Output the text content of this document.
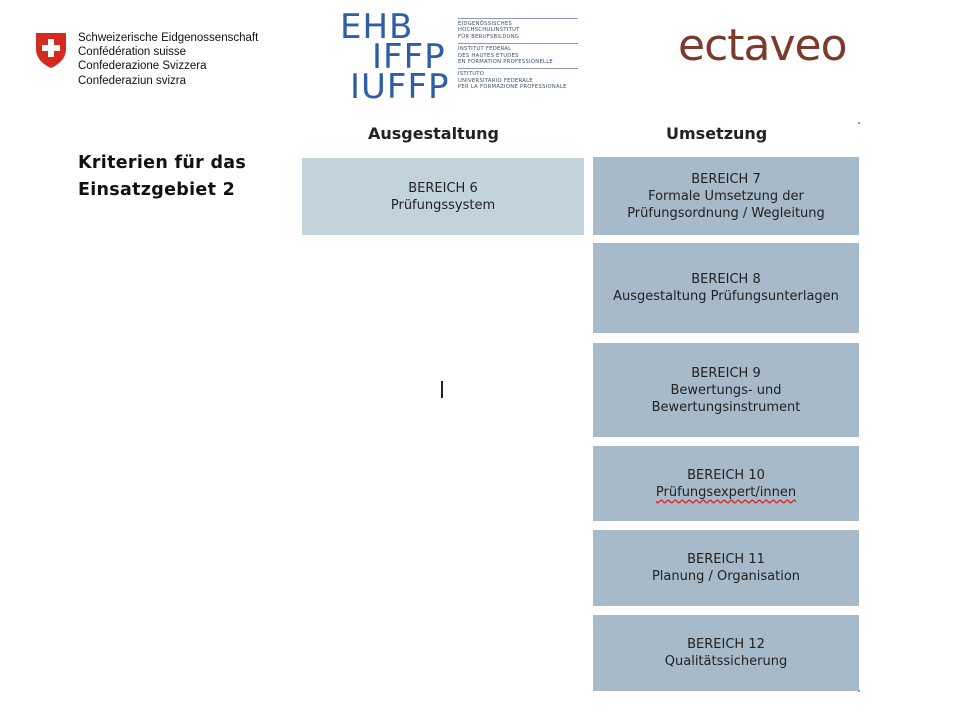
Schweizerische Eidgenossenschaft
Confédération suisse
Confederazione Svizzera
Confederaziun svizra
EHB
IFFP
IUFFP
EIDGENÖSSISCHES
HOCHSCHULINSTITUT
FÜR BERUFSBILDUNG
INSTITUT FEDERAL
DES HAUTES ETUDES
EN FORMATION PROFESSIONELLE
ISTITUTO
UNIVERSITARIO FEDERALE
PER LA FORMAZIONE PROFESSIONALE
ectaveo
Kriterien für das
Einsatzgebiet 2
Ausgestaltung	Umsetzung
BEREICH 6
Prüfungssystem
BEREICH 7
Formale Umsetzung der
Prüfungsordnung / Wegleitung
BEREICH 8
Ausgestaltung Prüfungsunterlagen
BEREICH 9
Bewertungs- und
Bewertungsinstrument
BEREICH 10
Prüfungsexpert/innen
BEREICH 11
Planung / Organisation
BEREICH 12
Qualitätssicherung
